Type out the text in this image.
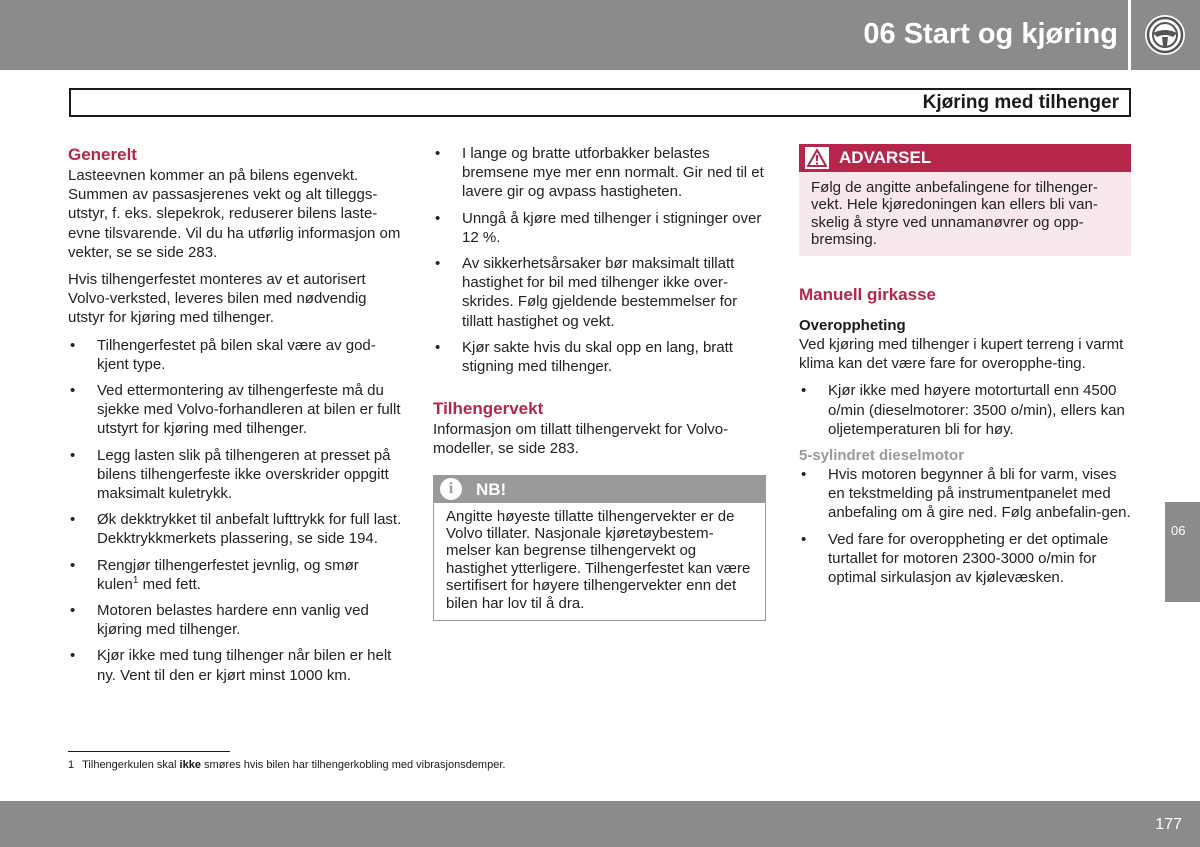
06 Start og kjøring
Kjøring med tilhenger
Generelt

Lasteevnen kommer an på bilens egenvekt. Summen av passasjerenes vekt og alt tilleggs-utstyr, f. eks. slepekrok, reduserer bilens laste-evne tilsvarende. Vil du ha utførlig informasjon om vekter, se se side 283.

Hvis tilhengerfestet monteres av et autorisert Volvo-verksted, leveres bilen med nødvendig utstyr for kjøring med tilhenger.

• Tilhengerfestet på bilen skal være av god-kjent type.
• Ved ettermontering av tilhengerfeste må du sjekke med Volvo-forhandleren at bilen er fullt utstyrt for kjøring med tilhenger.
• Legg lasten slik på tilhengeren at presset på bilens tilhengerfeste ikke overskrider oppgitt maksimalt kuletrykk.
• Øk dekktrykket til anbefalt lufttrykk for full last. Dekktrykkmerkets plassering, se side 194.
• Rengjør tilhengerfestet jevnlig, og smør kulen$^1$ med fett.
• Motoren belastes hardere enn vanlig ved kjøring med tilhenger.
• Kjør ikke med tung tilhenger når bilen er helt ny. Vent til den er kjørt minst 1000 km.
• I lange og bratte utforbakker belastes bremsene mye mer enn normalt. Gir ned til et lavere gir og avpass hastigheten.
• Unngå å kjøre med tilhenger i stigninger over 12 %.
• Av sikkerhetsårsaker bør maksimalt tillatt hastighet for bil med tilhenger ikke over-skrides. Følg gjeldende bestemmelser for tillatt hastighet og vekt.
• Kjør sakte hvis du skal opp en lang, bratt stigning med tilhenger.
Tilhengervekt

Informasjon om tillatt tilhengervekt for Volvo-modeller, se side 283.

i	NB!
Angitte høyeste tillatte tilhengervekter er de Volvo tillater. Nasjonale kjøretøybestem-melser kan begrense tilhengervekt og hastighet ytterligere. Tilhengerfestet kan være sertifisert for høyere tilhengervekter enn det bilen har lov til å dra.
ADVARSEL
Følg de angitte anbefalingene for tilhenger-vekt. Hele kjøredoningen kan ellers bli van-skelig å styre ved unnamanøvrer og opp-bremsing.
Manuell girkasse
Overoppheting

Ved kjøring med tilhenger i kupert terreng i varmt klima kan det være fare for overopphe-ting.

• Kjør ikke med høyere motorturtall enn 4500 o/min (dieselmotorer: 3500 o/min), ellers kan oljetemperaturen bli for høy.
5-sylindret dieselmotor
• Hvis motoren begynner å bli for varm, vises en tekstmelding på instrumentpanelet med anbefaling om å gire ned. Følg anbefalin-gen.
• Ved fare for overoppheting er det optimale turtallet for motoren 2300-3000 o/min for optimal sirkulasjon av kjølevæsken.
1 Tilhengerkulen skal ikke smøres hvis bilen har tilhengerkobling med vibrasjonsdemper.
06
177
